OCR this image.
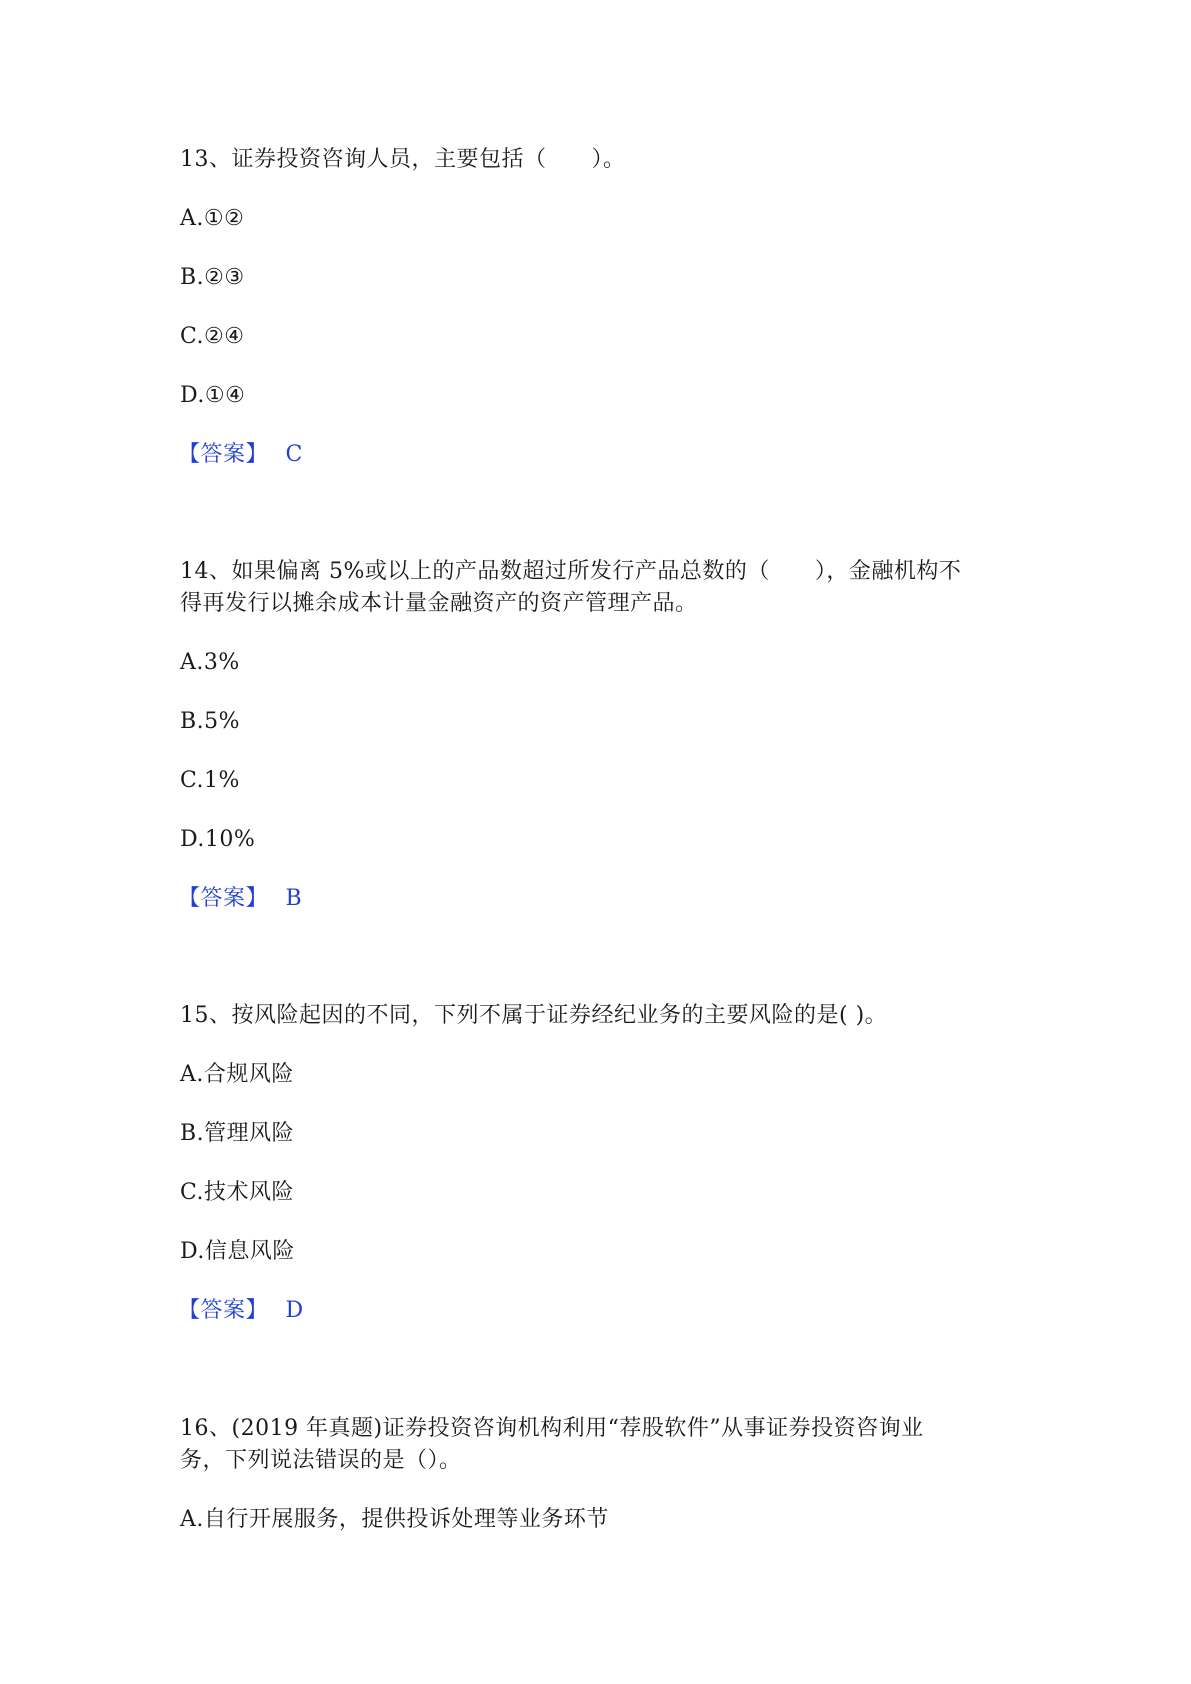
13、证券投资咨询人员，主要包括（　　）。
A.①②
B.②③
C.②④
D.①④
【答案】 C
14、如果偏离 5%或以上的产品数超过所发行产品总数的（　　），金融机构不
得再发行以摊余成本计量金融资产的资产管理产品。
A.3%
B.5%
C.1%
D.10%
【答案】 B
15、按风险起因的不同，下列不属于证券经纪业务的主要风险的是( )。
A.合规风险
B.管理风险
C.技术风险
D.信息风险
【答案】 D
16、(2019 年真题)证券投资咨询机构利用“荐股软件”从事证券投资咨询业
务，下列说法错误的是（）。
A.自行开展服务，提供投诉处理等业务环节
